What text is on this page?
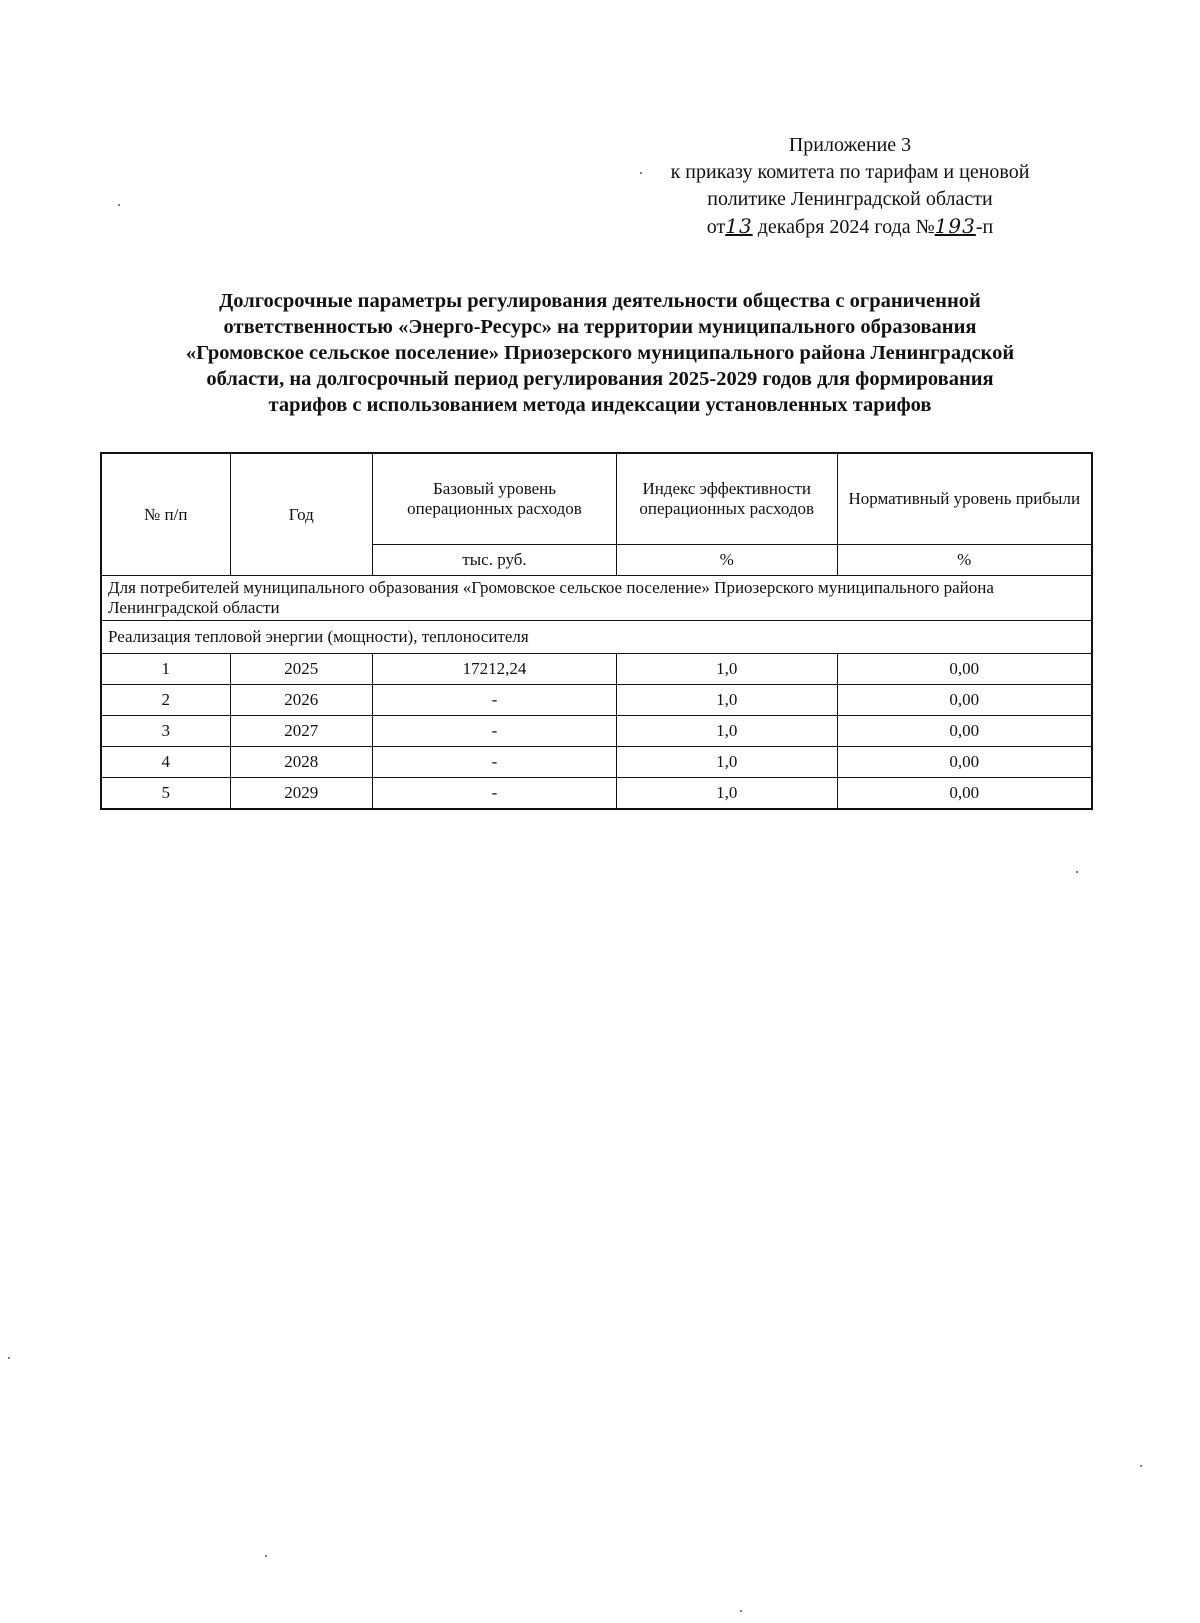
Приложение 3
к приказу комитета по тарифам и ценовой
политике Ленинградской области
от13 декабря 2024 года №193-п
Долгосрочные параметры регулирования деятельности общества с ограниченной
ответственностью «Энерго-Ресурс» на территории муниципального образования
«Громовское сельское поселение» Приозерского муниципального района Ленинградской
области, на долгосрочный период регулирования 2025-2029 годов для формирования
тарифов с использованием метода индексации установленных тарифов
№ п/п	Год	Базовый уровень операционных расходов	Индекс эффективности операционных расходов	Нормативный уровень прибыли
		тыс. руб.	%	%
Для потребителей муниципального образования «Громовское сельское поселение» Приозерского муниципального района Ленинградской области				
Реализация тепловой энергии (мощности), теплоносителя				
1	2025	17212,24	1,0	0,00
2	2026	-	1,0	0,00
3	2027	-	1,0	0,00
4	2028	-	1,0	0,00
5	2029	-	1,0	0,00
